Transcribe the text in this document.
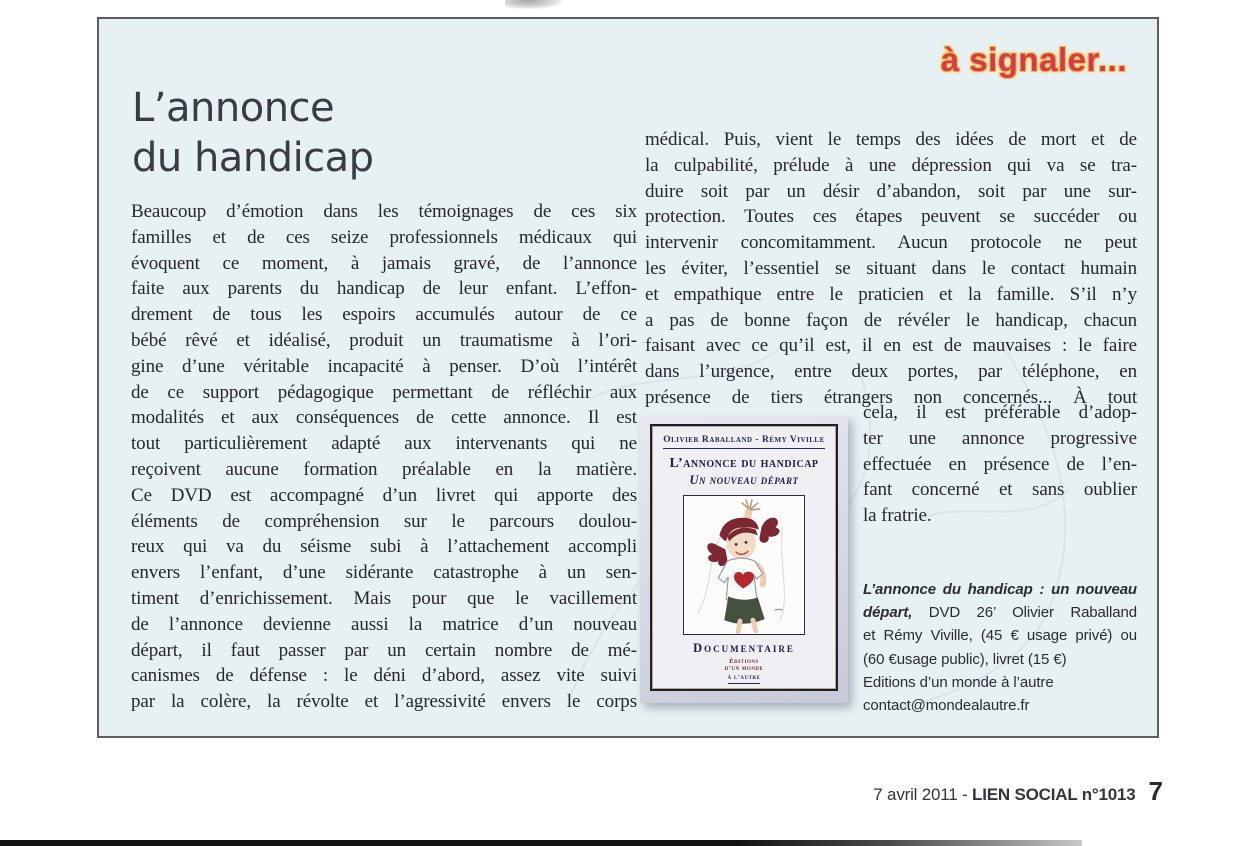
à signaler...
L’annonce
du handicap
Beaucoup d’émotion dans les témoignages de ces six
familles et de ces seize professionnels médicaux qui
évoquent ce moment, à jamais gravé, de l’annonce
faite aux parents du handicap de leur enfant. L’effon-
drement de tous les espoirs accumulés autour de ce
bébé rêvé et idéalisé, produit un traumatisme à l’ori-
gine d’une véritable incapacité à penser. D’où l’intérêt
de ce support pédagogique permettant de réfléchir aux
modalités et aux conséquences de cette annonce. Il est
tout particulièrement adapté aux intervenants qui ne
reçoivent aucune formation préalable en la matière.
Ce DVD est accompagné d’un livret qui apporte des
éléments de compréhension sur le parcours doulou-
reux qui va du séisme subi à l’attachement accompli
envers l’enfant, d’une sidérante catastrophe à un sen-
timent d’enrichissement. Mais pour que le vacillement
de l’annonce devienne aussi la matrice d’un nouveau
départ, il faut passer par un certain nombre de mé-
canismes de défense : le déni d’abord, assez vite suivi
par la colère, la révolte et l’agressivité envers le corps
médical. Puis, vient le temps des idées de mort et de
la culpabilité, prélude à une dépression qui va se tra-
duire soit par un désir d’abandon, soit par une sur-
protection. Toutes ces étapes peuvent se succéder ou
intervenir concomitamment. Aucun protocole ne peut
les éviter, l’essentiel se situant dans le contact humain
et empathique entre le praticien et la famille. S’il n’y
a pas de bonne façon de révéler le handicap, chacun
faisant avec ce qu’il est, il en est de mauvaises : le faire
dans l’urgence, entre deux portes, par téléphone, en
présence de tiers étrangers non concernés... À tout
Olivier Raballand - Rémy Viville
L’annonce du handicap
Un nouveau départ
Documentaire
Éditions
d’un monde
à l’autre
cela, il est préférable d’adop-
ter une annonce progressive
effectuée en présence de l’en-
fant concerné et sans oublier
la fratrie.
L’annonce du handicap : un nouveau
départ, DVD 26’ Olivier Raballand
et Rémy Viville, (45 € usage privé) ou
(60 €usage public), livret (15 €)
Editions d’un monde à l’autre
contact@mondealautre.fr
7 avril 2011 - LIEN SOCIAL n°1013 7
